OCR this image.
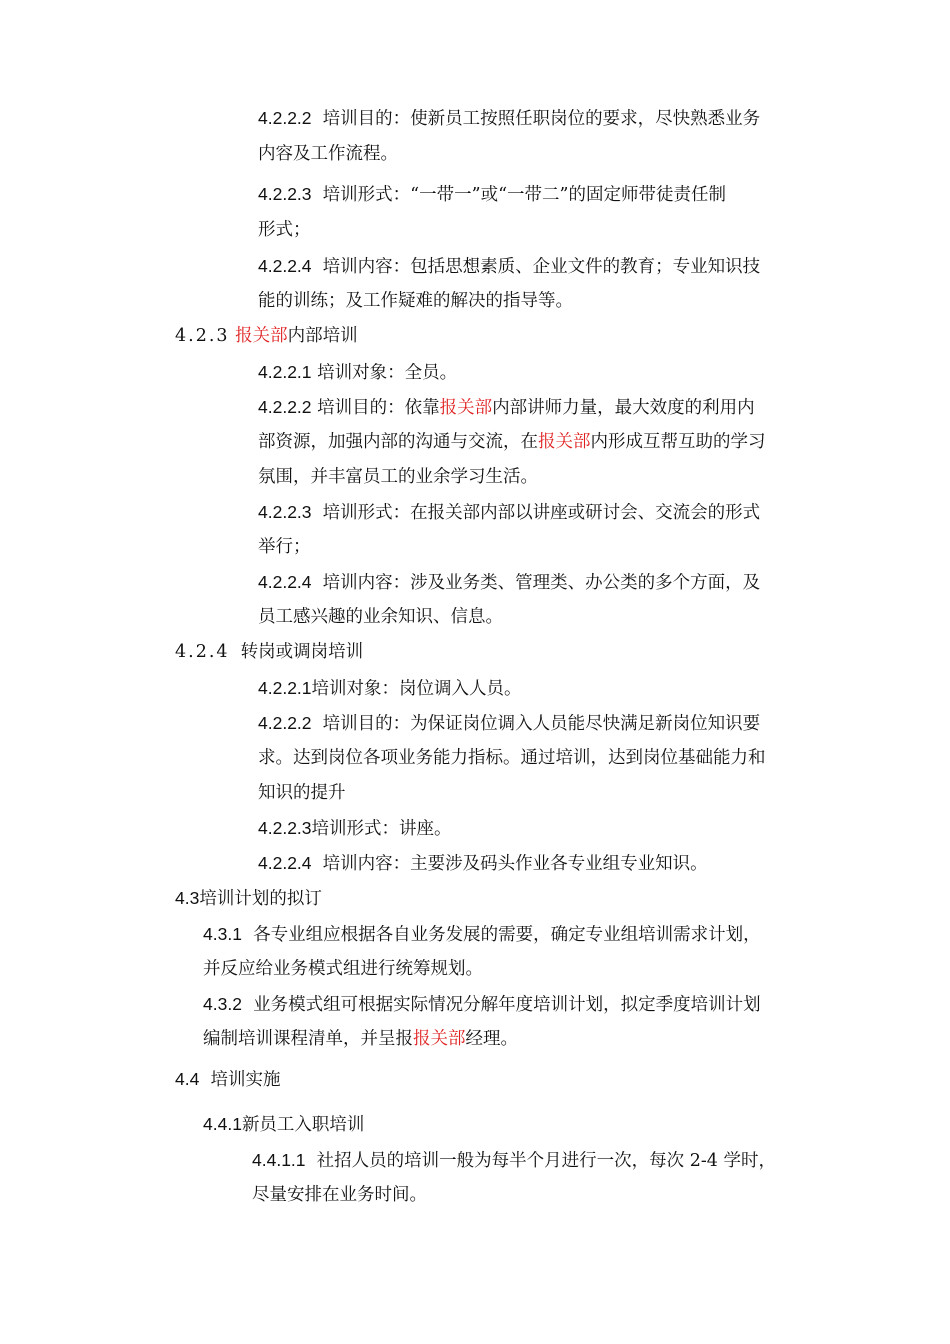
4.2.2.2 培训目的：使新员工按照任职岗位的要求，尽快熟悉业务
内容及工作流程。
4.2.2.3 培训形式：“一带一”或“一带二”的固定师带徒责任制
形式；
4.2.2.4 培训内容：包括思想素质、企业文件的教育；专业知识技
能的训练；及工作疑难的解决的指导等。
4.2.3 报关部内部培训
4.2.2.1 培训对象：全员。
4.2.2.2 培训目的：依靠报关部内部讲师力量，最大效度的利用内
部资源，加强内部的沟通与交流，在报关部内形成互帮互助的学习
氛围，并丰富员工的业余学习生活。
4.2.2.3 培训形式：在报关部内部以讲座或研讨会、交流会的形式
举行；
4.2.2.4 培训内容：涉及业务类、管理类、办公类的多个方面，及
员工感兴趣的业余知识、信息。
4.2.4 转岗或调岗培训
4.2.2.1培训对象：岗位调入人员。
4.2.2.2 培训目的：为保证岗位调入人员能尽快满足新岗位知识要
求。达到岗位各项业务能力指标。通过培训，达到岗位基础能力和
知识的提升
4.2.2.3培训形式：讲座。
4.2.2.4 培训内容：主要涉及码头作业各专业组专业知识。
4.3培训计划的拟订
4.3.1 各专业组应根据各自业务发展的需要，确定专业组培训需求计划，
并反应给业务模式组进行统筹规划。
4.3.2 业务模式组可根据实际情况分解年度培训计划，拟定季度培训计划
编制培训课程清单，并呈报报关部经理。
4.4 培训实施
4.4.1新员工入职培训
4.4.1.1 社招人员的培训一般为每半个月进行一次，每次 2-4 学时，
尽量安排在业务时间。
